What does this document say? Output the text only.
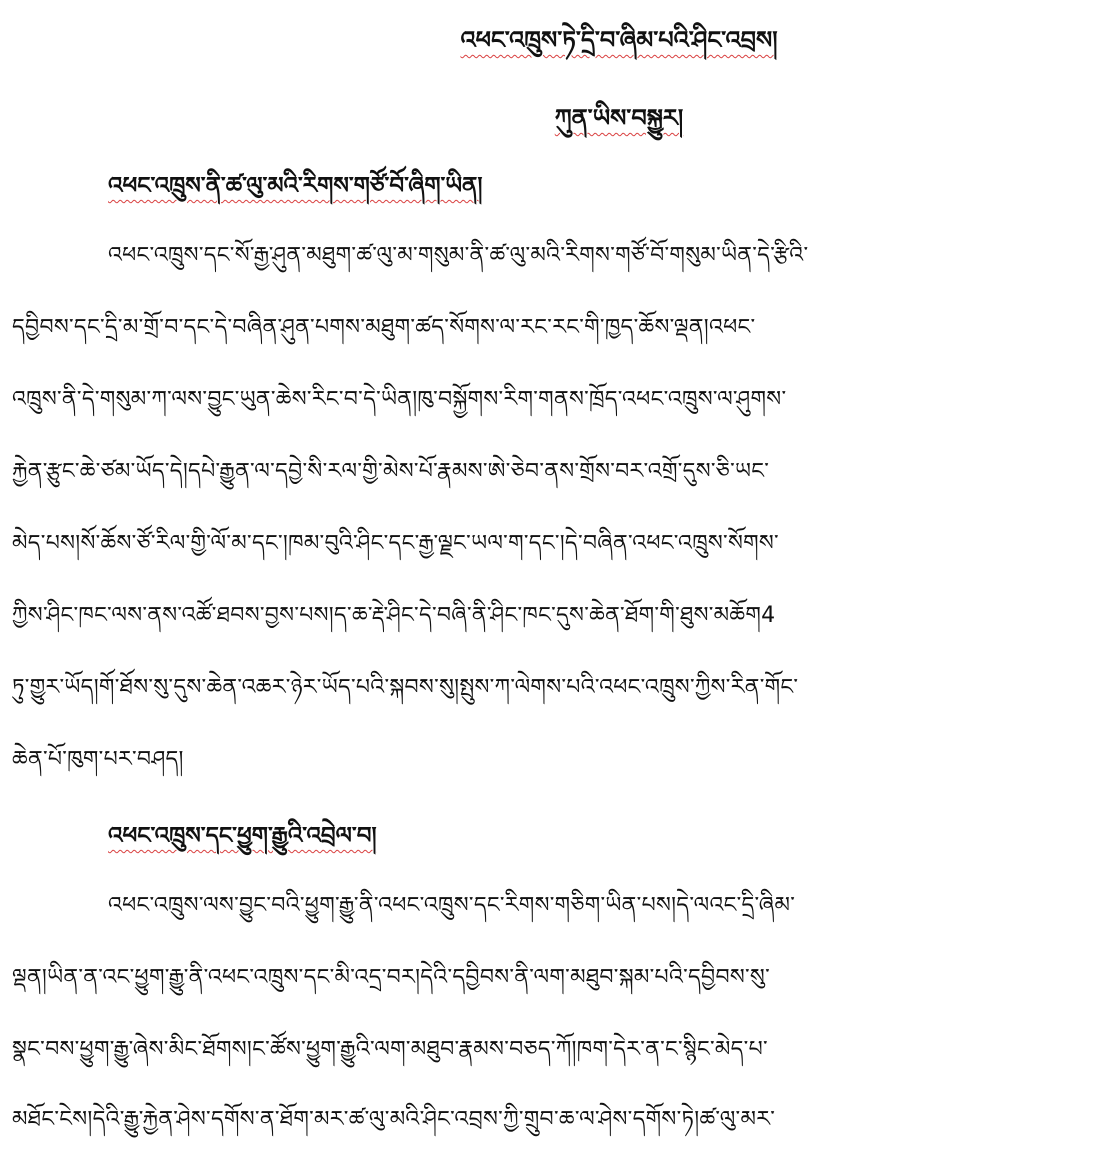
འཕང་འཁྲུས་ཏེ་དྲི་བ་ཞིམ་པའི་ཤིང་འབྲས།
ཀུན་ཡིས་བསྐྱུར།
འཕང་འཁྲུས་ནི་ཚ་ལུ་མའི་རིགས་གཙོ་བོ་ཞིག་ཡིན།
འཕང་འཁྲུས་དང་སོ་རྒྱ་ཤུན་མཐུག་ཚ་ལུ་མ་གསུམ་ནི་ཚ་ལུ་མའི་རིགས་གཙོ་བོ་གསུམ་ཡིན་དེ་རྩིའི་
དབྱིབས་དང་དྲི་མ་གྲོ་བ་དང་དེ་བཞིན་ཤུན་པགས་མཐུག་ཚད་སོགས་ལ་རང་རང་གི་ཁྱད་ཆོས་ལྡན།འཕང་
འཁྲུས་ནི་དེ་གསུམ་ཀ་ལས་བྱུང་ཡུན་ཆེས་རིང་བ་དེ་ཡིན།ཁུ་བསྐྱོགས་རིག་གནས་ཁྲོད་འཕང་འཁྲུས་ལ་ཤུགས་
རྐྱེན་རྩུང་ཆེ་ཙམ་ཡོད་དེ།དཔེ་རྒྱུན་ལ་དབྱེ་སི་རལ་གྱི་མེས་པོ་རྣམས་ཨེ་ཅེབ་ནས་གྲོས་བར་འགྲོ་དུས་ཅི་ཡང་
མེད་པས།སོ་ཆོས་ཙོ་རིལ་གྱི་ལོ་མ་དང་།ཁམ་བུའི་ཤིང་དང་རྒྱ་ལྗང་ཡལ་ག་དང་།དེ་བཞིན་འཕང་འཁྲུས་སོགས་
ཀྱིས་ཤིང་ཁང་ལས་ནས་འཚོ་ཐབས་བྱས་པས།ད་ཆ་རྡེ་ཤིང་དེ་བཞི་ནི་ཤིང་ཁང་དུས་ཆེན་ཐོག་གི་ཐུས་མཆོག4
ཏུ་གྱུར་ཡོད།གོ་ཐོས་སུ་དུས་ཆེན་འཆར་ཉེར་ཡོད་པའི་སྐབས་སུ།སྤུས་ཀ་ལེགས་པའི་འཕང་འཁྲུས་ཀྱིས་རིན་གོང་
ཆེན་པོ་ཁུག་པར་བཤད།
འཕང་འཁྲུས་དང་ཕྱུག་རྒྱུའི་འབྲེལ་བ།
འཕང་འཁྲུས་ལས་བྱུང་བའི་ཕྱུག་རྒྱུ་ནི་འཕང་འཁྲུས་དང་རིགས་གཅིག་ཡིན་པས།དེ་ལའང་དྲི་ཞིམ་
ལྡན།ཡིན་ན་འང་ཕྱུག་རྒྱུ་ནི་འཕང་འཁྲུས་དང་མི་འདྲ་བར།དེའི་དབྱིབས་ནི་ལག་མཐུབ་སྐམ་པའི་དབྱིབས་སུ་
སྣང་བས་ཕྱུག་རྒྱུ་ཞེས་མིང་ཐོགས།ང་ཚོས་ཕྱུག་རྒྱུའི་ལག་མཐུབ་རྣམས་བཅད་ཀོ།ཁག་དེར་ན་ང་སྙིང་མེད་པ་
མཐོང་ངེས།དེའི་རྒྱུ་རྐྱེན་ཤེས་དགོས་ན་ཐོག་མར་ཚ་ལུ་མའི་ཤིང་འབྲས་ཀྱི་གྲུབ་ཆ་ལ་ཤེས་དགོས་ཏེ།ཚ་ལུ་མར་
